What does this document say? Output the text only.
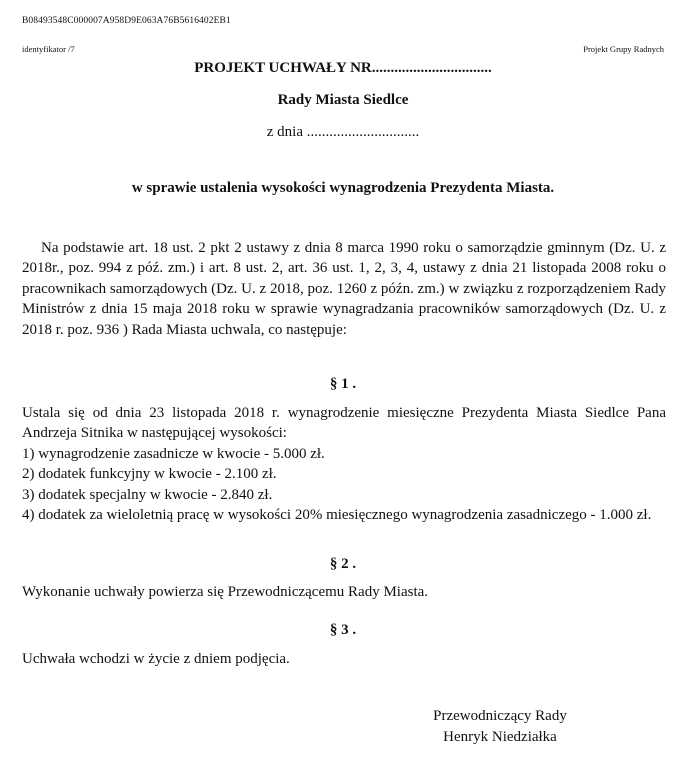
B08493548C000007A958D9E063A76B5616402EB1
identyfikator /7	Projekt Grupy Radnych
PROJEKT UCHWAŁY NR................................
Rady Miasta Siedlce
z dnia ..............................
w sprawie ustalenia wysokości wynagrodzenia Prezydenta Miasta.
Na podstawie art. 18 ust. 2 pkt 2 ustawy z dnia 8 marca 1990 roku o samorządzie gminnym (Dz. U. z 2018r., poz. 994 z póź. zm.) i art. 8 ust. 2, art. 36 ust. 1, 2, 3, 4, ustawy z dnia 21 listopada 2008 roku o pracownikach samorządowych (Dz. U. z 2018, poz. 1260 z późn. zm.) w związku z rozporządzeniem Rady Ministrów z dnia 15 maja 2018 roku w sprawie wynagradzania pracowników samorządowych (Dz. U. z 2018 r. poz. 936 ) Rada Miasta uchwala, co następuje:
§ 1 .
Ustala się od dnia 23 listopada 2018 r. wynagrodzenie miesięczne Prezydenta Miasta Siedlce Pana Andrzeja Sitnika w następującej wysokości:
1) wynagrodzenie zasadnicze w kwocie - 5.000 zł.
2) dodatek funkcyjny w kwocie - 2.100 zł.
3) dodatek specjalny w kwocie - 2.840 zł.
4) dodatek za wieloletnią pracę w wysokości 20% miesięcznego wynagrodzenia zasadniczego - 1.000 zł.
§ 2 .
Wykonanie uchwały powierza się Przewodniczącemu Rady Miasta.
§ 3 .
Uchwała wchodzi w życie z dniem podjęcia.
Przewodniczący Rady
Henryk Niedziałka
